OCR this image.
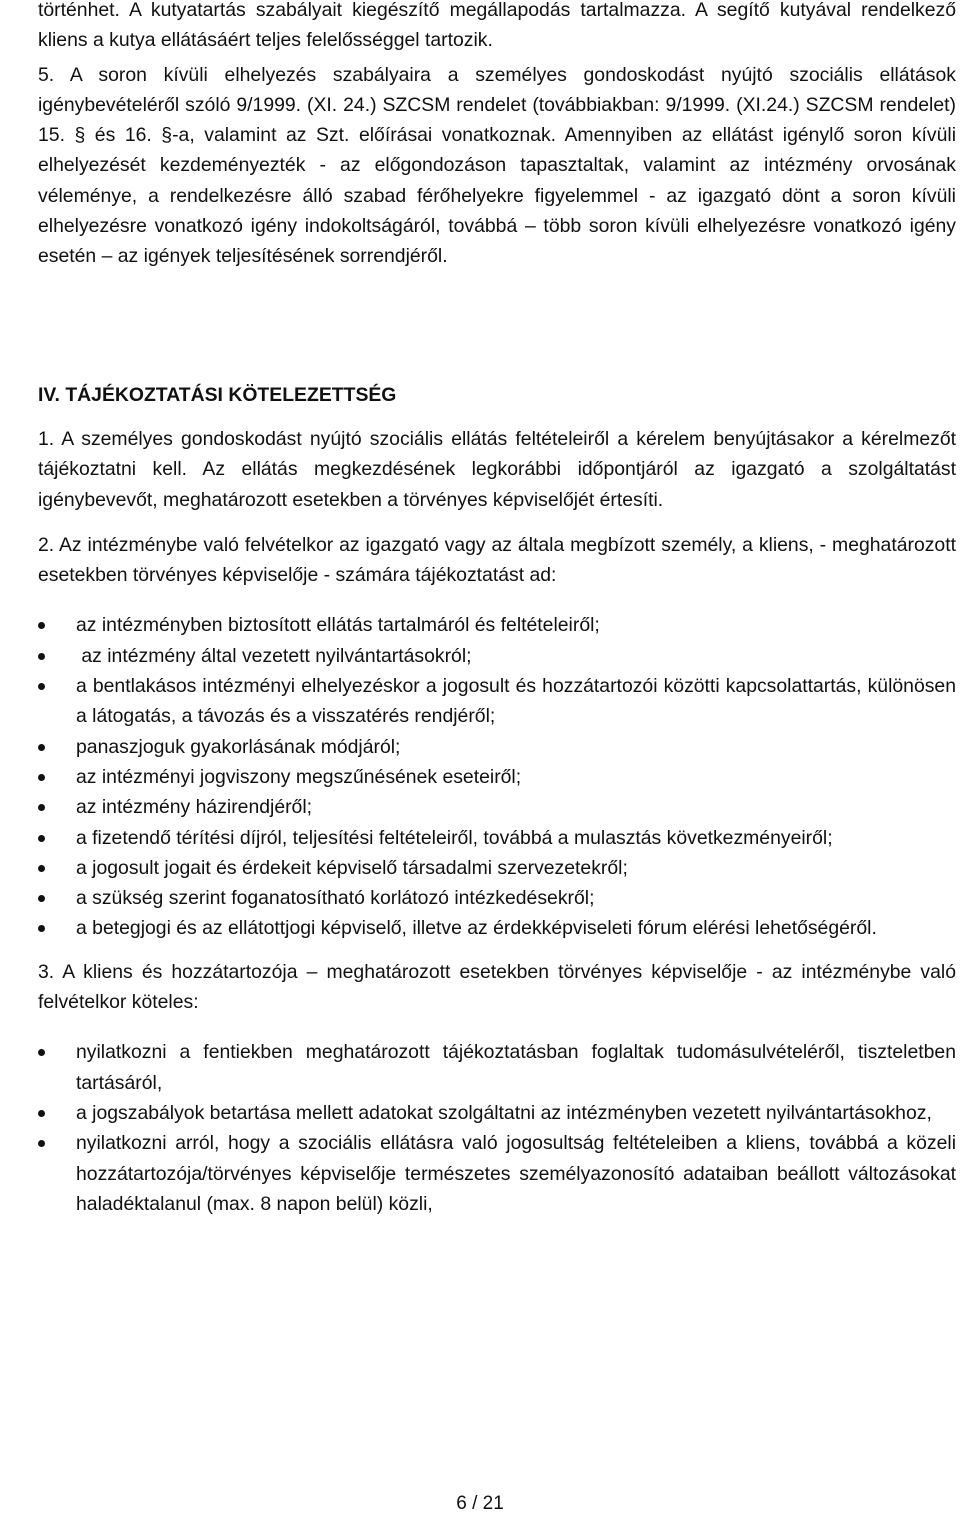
történhet. A kutyatartás szabályait kiegészítő megállapodás tartalmazza. A segítő kutyával rendelkező kliens a kutya ellátásáért teljes felelősséggel tartozik.

5. A soron kívüli elhelyezés szabályaira a személyes gondoskodást nyújtó szociális ellátások igénybevételéről szóló 9/1999. (XI. 24.) SZCSM rendelet (továbbiakban: 9/1999. (XI.24.) SZCSM rendelet) 15. § és 16. §-a, valamint az Szt. előírásai vonatkoznak. Amennyiben az ellátást igénylő soron kívüli elhelyezését kezdeményezték - az előgondozáson tapasztaltak, valamint az intézmény orvosának véleménye, a rendelkezésre álló szabad férőhelyekre figyelemmel - az igazgató dönt a soron kívüli elhelyezésre vonatkozó igény indokoltságáról, továbbá – több soron kívüli elhelyezésre vonatkozó igény esetén – az igények teljesítésének sorrendjéről.

IV. TÁJÉKOZTATÁSI KÖTELEZETTSÉG

1. A személyes gondoskodást nyújtó szociális ellátás feltételeiről a kérelem benyújtásakor a kérelmezőt tájékoztatni kell. Az ellátás megkezdésének legkorábbi időpontjáról az igazgató a szolgáltatást igénybevevőt, meghatározott esetekben a törvényes képviselőjét értesíti.

2. Az intézménybe való felvételkor az igazgató vagy az általa megbízott személy, a kliens, - meghatározott esetekben törvényes képviselője - számára tájékoztatást ad:

az intézményben biztosított ellátás tartalmáról és feltételeiről;
az intézmény által vezetett nyilvántartásokról;
a bentlakásos intézményi elhelyezéskor a jogosult és hozzátartozói közötti kapcsolattartás, különösen a látogatás, a távozás és a visszatérés rendjéről;
panaszjoguk gyakorlásának módjáról;
az intézményi jogviszony megszűnésének eseteiről;
az intézmény házirendjéről;
a fizetendő térítési díjról, teljesítési feltételeiről, továbbá a mulasztás következményeiről;
a jogosult jogait és érdekeit képviselő társadalmi szervezetekről;
a szükség szerint foganatosítható korlátozó intézkedésekről;
a betegjogi és az ellátottjogi képviselő, illetve az érdekképviseleti fórum elérési lehetőségéről.

3. A kliens és hozzátartozója – meghatározott esetekben törvényes képviselője - az intézménybe való felvételkor köteles:

nyilatkozni a fentiekben meghatározott tájékoztatásban foglaltak tudomásulvételéről, tiszteletben tartásáról,
a jogszabályok betartása mellett adatokat szolgáltatni az intézményben vezetett nyilvántartásokhoz,
nyilatkozni arról, hogy a szociális ellátásra való jogosultság feltételeiben a kliens, továbbá a közeli hozzátartozója/törvényes képviselője természetes személyazonosító adataiban beállott változásokat haladéktalanul (max. 8 napon belül) közli,
6 / 21
